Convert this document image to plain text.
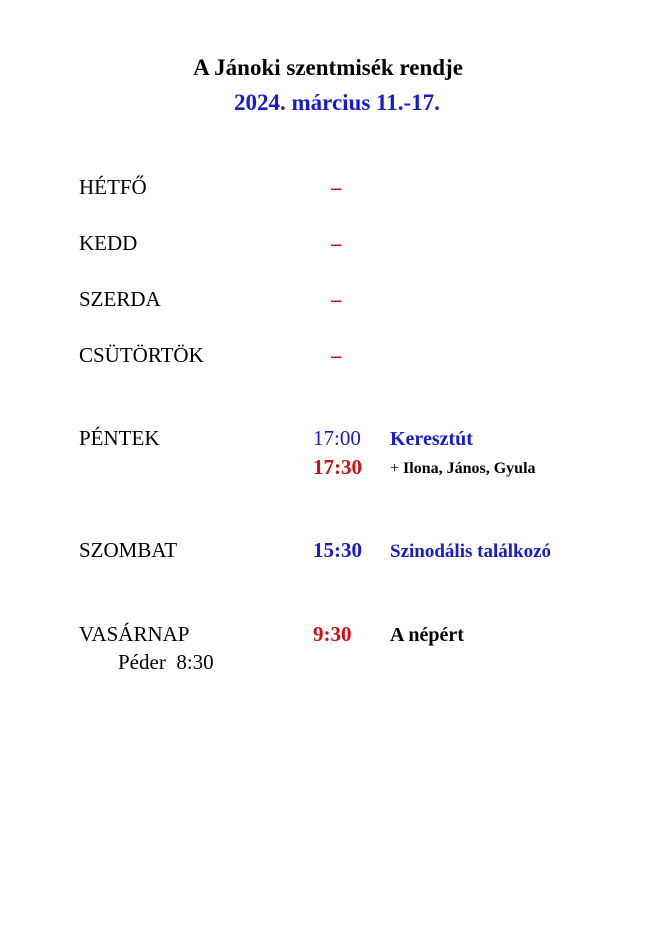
A Jánoki szentmisék rendje
2024. március 11.-17.
HÉTFŐ	–
KEDD	–
SZERDA	–
CSÜTÖRTÖK	–
PÉNTEK	17:00 Keresztút
17:30 + Ilona, János, Gyula
SZOMBAT	15:30 Szinodális találkozó
VASÁRNAP	9:30 A népért
Péder  8:30
